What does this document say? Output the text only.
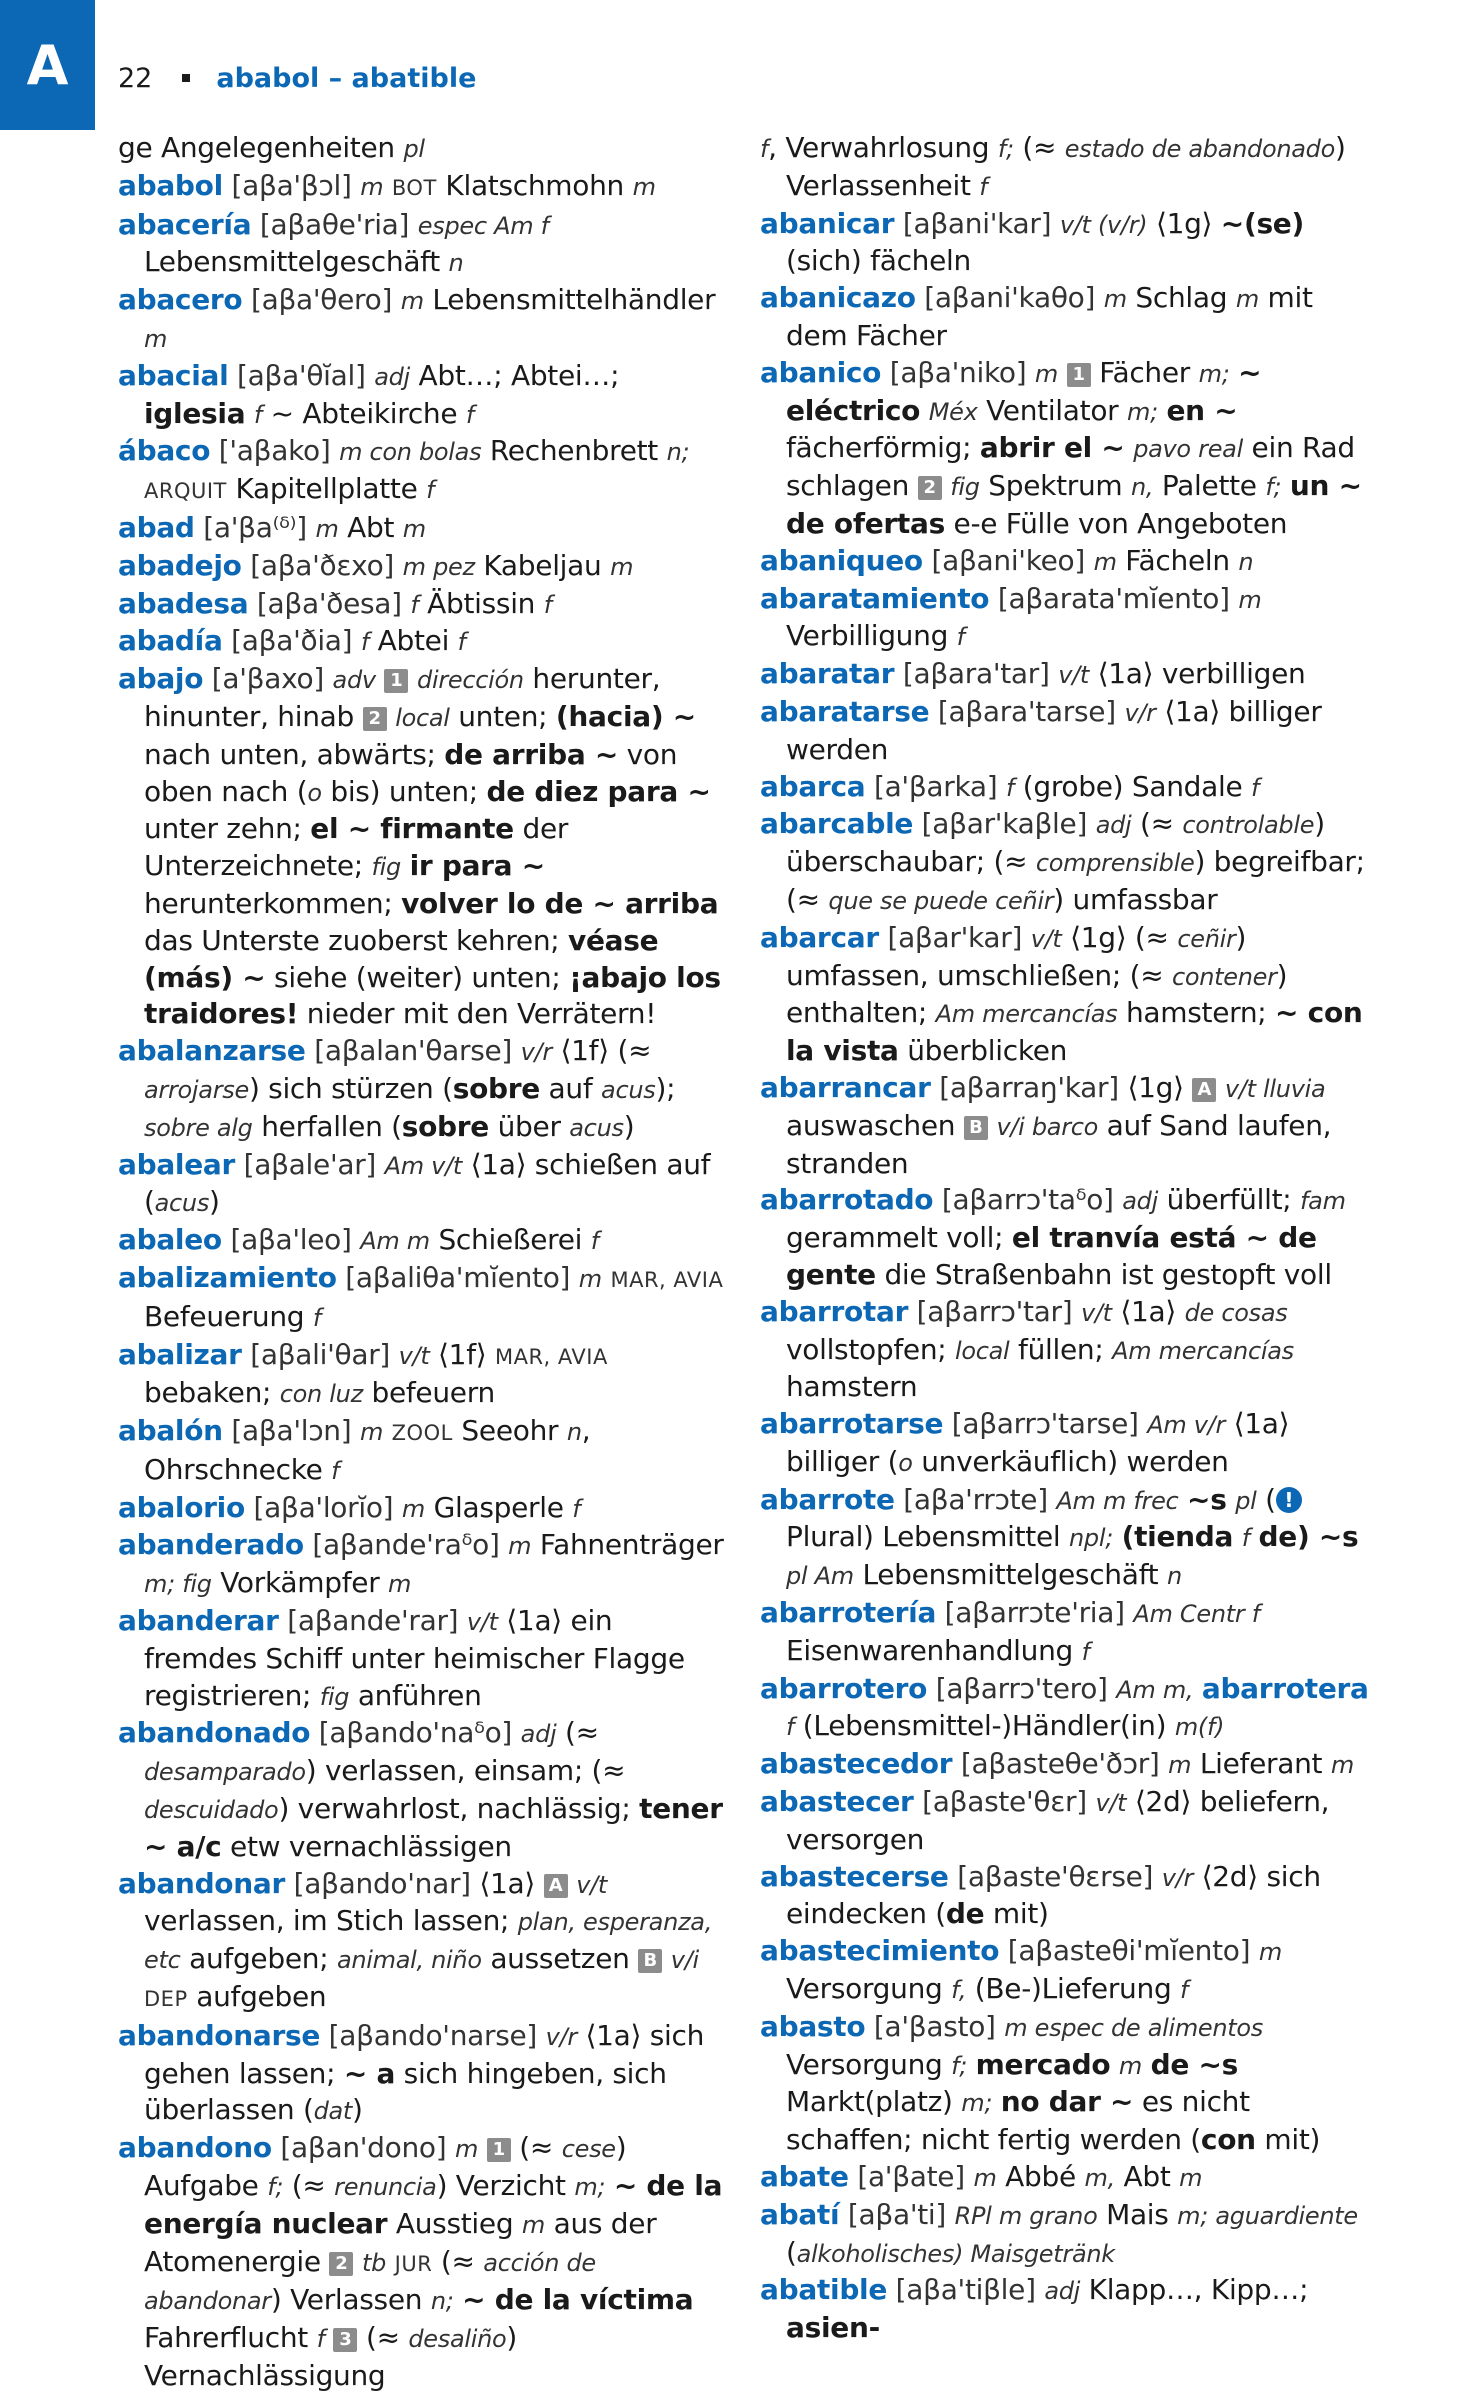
A 22 ababol – abatible
ge Angelegenheiten pl
ababol [aβa'βɔl] m BOT Klatschmohn m
abacería [aβaθe'ria] espec Am f Lebensmittelgeschäft n
abacero [aβa'θero] m Lebensmittelhändler m
abacial [aβa'θĭal] adj Abt…; Abtei…; iglesia f ~ Abteikirche f
ábaco ['aβako] m con bolas Rechenbrett n; ARQUIT Kapitellplatte f
abad [a'βa⁽ᵟ⁾] m Abt m
abadejo [aβa'ðɛxo] m pez Kabeljau m
abadesa [aβa'ðesa] f Äbtissin f
abadía [aβa'ðia] f Abtei f
abajo [a'βaxo] adv 1 dirección herunter, hinunter, hinab 2 local unten; (hacia) ~ nach unten, abwärts; de arriba ~ von oben nach (o bis) unten; de diez para ~ unter zehn; el ~ firmante der Unterzeichnete; fig ir para ~ herunterkommen; volver lo de ~ arriba das Unterste zuoberst kehren; véase (más) ~ siehe (weiter) unten; ¡abajo los traidores! nieder mit den Verrätern!
abalanzarse [aβalan'θarse] v/r ⟨1f⟩ (≈ arrojarse) sich stürzen (sobre auf acus); sobre alg herfallen (sobre über acus)
abalear [aβale'ar] Am v/t ⟨1a⟩ schießen auf (acus)
abaleo [aβa'leo] Am m Schießerei f
abalizamiento [aβaliθa'mĭento] m MAR, AVIA Befeuerung f
abalizar [aβali'θar] v/t ⟨1f⟩ MAR, AVIA bebaken; con luz befeuern
abalón [aβa'lɔn] m ZOOL Seeohr n, Ohrschnecke f
abalorio [aβa'lorĭo] m Glasperle f
abanderado [aβande'raᵟo] m Fahnenträger m; fig Vorkämpfer m
abanderar [aβande'rar] v/t ⟨1a⟩ ein fremdes Schiff unter heimischer Flagge registrieren; fig anführen
abandonado [aβando'naᵟo] adj (≈ desamparado) verlassen, einsam; (≈ descuidado) verwahrlost, nachlässig; tener ~ a/c etw vernachlässigen
abandonar [aβando'nar] ⟨1a⟩ A v/t verlassen, im Stich lassen; plan, esperanza, etc aufgeben; animal, niño aussetzen B v/i DEP aufgeben
abandonarse [aβando'narse] v/r ⟨1a⟩ sich gehen lassen; ~ a sich hingeben, sich überlassen (dat)
abandono [aβan'dono] m 1 (≈ cese) Aufgabe f; (≈ renuncia) Verzicht m; ~ de la energía nuclear Ausstieg m aus der Atomenergie 2 tb JUR (≈ acción de abandonar) Verlassen n; ~ de la víctima Fahrerflucht f 3 (≈ desaliño) Vernachlässigung
f, Verwahrlosung f; (≈ estado de abandonado) Verlassenheit f
abanicar [aβani'kar] v/t (v/r) ⟨1g⟩ ~(se) (sich) fächeln
abanicazo [aβani'kaθo] m Schlag m mit dem Fächer
abanico [aβa'niko] m 1 Fächer m; ~ eléctrico Méx Ventilator m; en ~ fächerförmig; abrir el ~ pavo real ein Rad schlagen 2 fig Spektrum n, Palette f; un ~ de ofertas e-e Fülle von Angeboten
abaniqueo [aβani'keo] m Fächeln n
abaratamiento [aβarata'mĭento] m Verbilligung f
abaratar [aβara'tar] v/t ⟨1a⟩ verbilligen
abaratarse [aβara'tarse] v/r ⟨1a⟩ billiger werden
abarca [a'βarka] f (grobe) Sandale f
abarcable [aβar'kaβle] adj (≈ controlable) überschaubar; (≈ comprensible) begreifbar; (≈ que se puede ceñir) umfassbar
abarcar [aβar'kar] v/t ⟨1g⟩ (≈ ceñir) umfassen, umschließen; (≈ contener) enthalten; Am mercancías hamstern; ~ con la vista überblicken
abarrancar [aβarraŋ'kar] ⟨1g⟩ A v/t lluvia auswaschen B v/i barco auf Sand laufen, stranden
abarrotado [aβarrɔ'taᵟo] adj überfüllt; fam gerammelt voll; el tranvía está ~ de gente die Straßenbahn ist gestopft voll
abarrotar [aβarrɔ'tar] v/t ⟨1a⟩ de cosas vollstopfen; local füllen; Am mercancías hamstern
abarrotarse [aβarrɔ'tarse] Am v/r ⟨1a⟩ billiger (o unverkäuflich) werden
abarrote [aβa'rrɔte] Am m frec ~s pl ( ! Plural) Lebensmittel npl; (tienda f de) ~s pl Am Lebensmittelgeschäft n
abarrotería [aβarrɔte'ria] Am Centr f Eisenwarenhandlung f
abarrotero [aβarrɔ'tero] Am m, abarrotera f (Lebensmittel-)Händler(in) m(f)
abastecedor [aβasteθe'ðɔr] m Lieferant m
abastecer [aβaste'θɛr] v/t ⟨2d⟩ beliefern, versorgen
abastecerse [aβaste'θɛrse] v/r ⟨2d⟩ sich eindecken (de mit)
abastecimiento [aβasteθi'mĭento] m Versorgung f, (Be-)Lieferung f
abasto [a'βasto] m espec de alimentos Versorgung f; mercado m de ~s Markt(platz) m; no dar ~ es nicht schaffen; nicht fertig werden (con mit)
abate [a'βate] m Abbé m, Abt m
abatí [aβa'ti] RPl m grano Mais m; aguardiente (alkoholisches) Maisgetränk
abatible [aβa'tiβle] adj Klapp…, Kipp…; asien-
